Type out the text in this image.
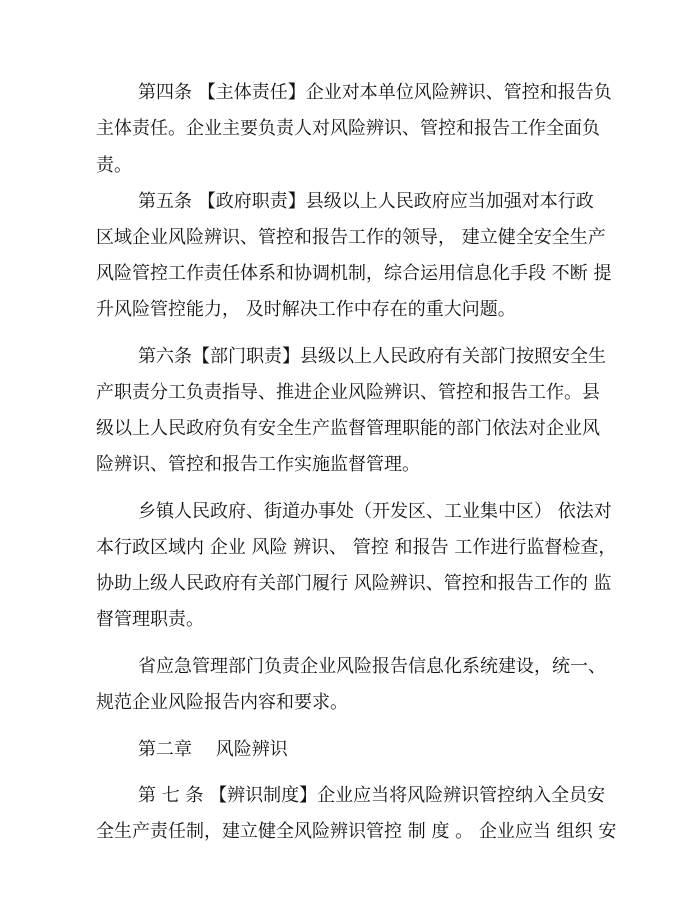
第四条 【主体责任】企业对本单位风险辨识、管控和报告负
主体责任。企业主要负责人对风险辨识、管控和报告工作全面负
责。
第五条 【政府职责】县级以上人民政府应当加强对本行政
区域企业风险辨识、管控和报告工作的领导， 建立健全安全生产
风险管控工作责任体系和协调机制，综合运用信息化手段 不断 提
升风险管控能力， 及时解决工作中存在的重大问题。
第六条【部门职责】县级以上人民政府有关部门按照安全生
产职责分工负责指导、推进企业风险辨识、管控和报告工作。县
级以上人民政府负有安全生产监督管理职能的部门依法对企业风
险辨识、管控和报告工作实施监督管理。
乡镇人民政府、街道办事处（开发区、工业集中区） 依法对
本行政区域内 企业 风险 辨识、 管控 和报告 工作进行监督检查，
协助上级人民政府有关部门履行 风险辨识、管控和报告工作的 监
督管理职责。
省应急管理部门负责企业风险报告信息化系统建设，统一、
规范企业风险报告内容和要求。
第二章　 风险辨识
第 七 条 【辨识制度】企业应当将风险辨识管控纳入全员安
全生产责任制，建立健全风险辨识管控 制 度 。 企业应当 组织 安
